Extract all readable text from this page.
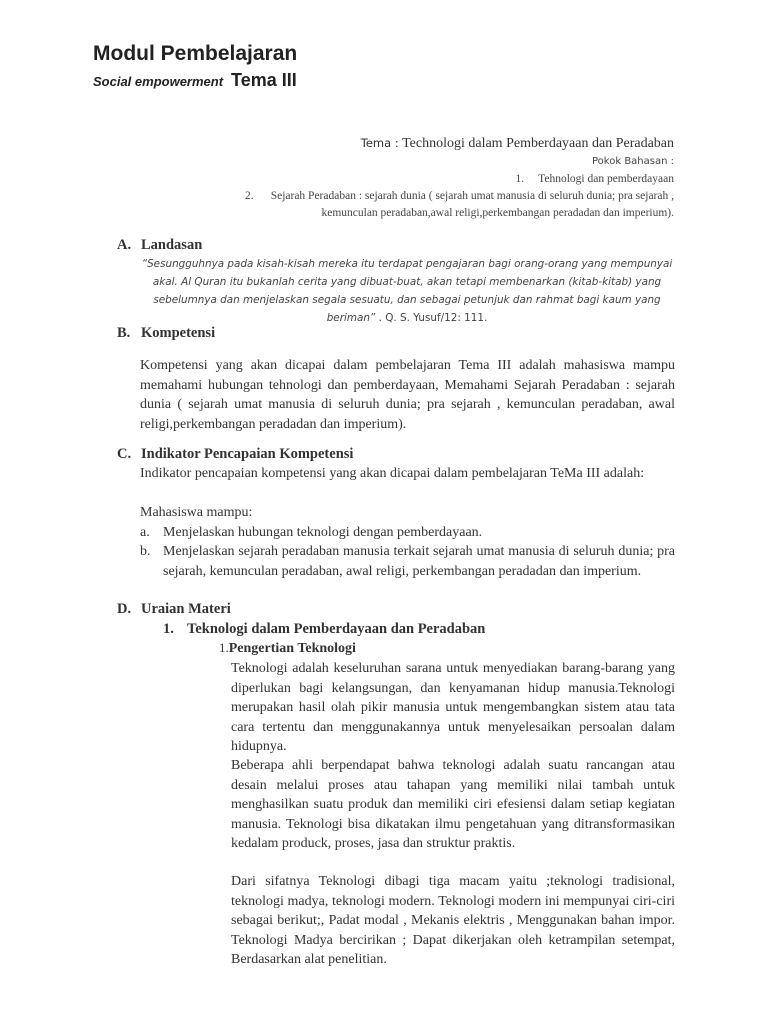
Modul Pembelajaran
Social empowerment Tema III
Tema : Technologi dalam Pemberdayaan dan Peradaban
Pokok Bahasan :
1. Tehnologi dan pemberdayaan
2. Sejarah Peradaban : sejarah dunia ( sejarah umat manusia di seluruh dunia; pra sejarah , kemunculan peradaban,awal religi,perkembangan peradadan dan imperium).
A. Landasan
“Sesungguhnya pada kisah-kisah mereka itu terdapat pengajaran bagi orang-orang yang mempunyai akal. Al Quran itu bukanlah cerita yang dibuat-buat, akan tetapi membenarkan (kitab-kitab) yang sebelumnya dan menjelaskan segala sesuatu, dan sebagai petunjuk dan rahmat bagi kaum yang beriman” . Q. S. Yusuf/12: 111.
B. Kompetensi
Kompetensi yang akan dicapai dalam pembelajaran Tema III adalah mahasiswa mampu memahami hubungan tehnologi dan pemberdayaan, Memahami Sejarah Peradaban : sejarah dunia ( sejarah umat manusia di seluruh dunia; pra sejarah , kemunculan peradaban, awal religi,perkembangan peradadan dan imperium).
C. Indikator Pencapaian Kompetensi
Indikator pencapaian kompetensi yang akan dicapai dalam pembelajaran TeMa III adalah:
Mahasiswa mampu:
a. Menjelaskan hubungan teknologi dengan pemberdayaan.
b. Menjelaskan sejarah peradaban manusia terkait sejarah umat manusia di seluruh dunia; pra sejarah, kemunculan peradaban, awal religi, perkembangan peradadan dan imperium.
D. Uraian Materi
1. Teknologi dalam Pemberdayaan dan Peradaban
1.Pengertian Teknologi
Teknologi adalah keseluruhan sarana untuk menyediakan barang-barang yang diperlukan bagi kelangsungan, dan kenyamanan hidup manusia.Teknologi merupakan hasil olah pikir manusia untuk mengembangkan sistem atau tata cara tertentu dan menggunakannya untuk menyelesaikan persoalan dalam hidupnya.
Beberapa ahli berpendapat bahwa teknologi adalah suatu rancangan atau desain melalui proses atau tahapan yang memiliki nilai tambah untuk menghasilkan suatu produk dan memiliki ciri efesiensi dalam setiap kegiatan manusia. Teknologi bisa dikatakan ilmu pengetahuan yang ditransformasikan kedalam produck, proses, jasa dan struktur praktis.
Dari sifatnya Teknologi dibagi tiga macam yaitu ;teknologi tradisional, teknologi madya, teknologi modern. Teknologi modern ini mempunyai ciri-ciri sebagai berikut;, Padat modal , Mekanis elektris , Menggunakan bahan impor. Teknologi Madya bercirikan ; Dapat dikerjakan oleh ketrampilan setempat, Berdasarkan alat penelitian.
